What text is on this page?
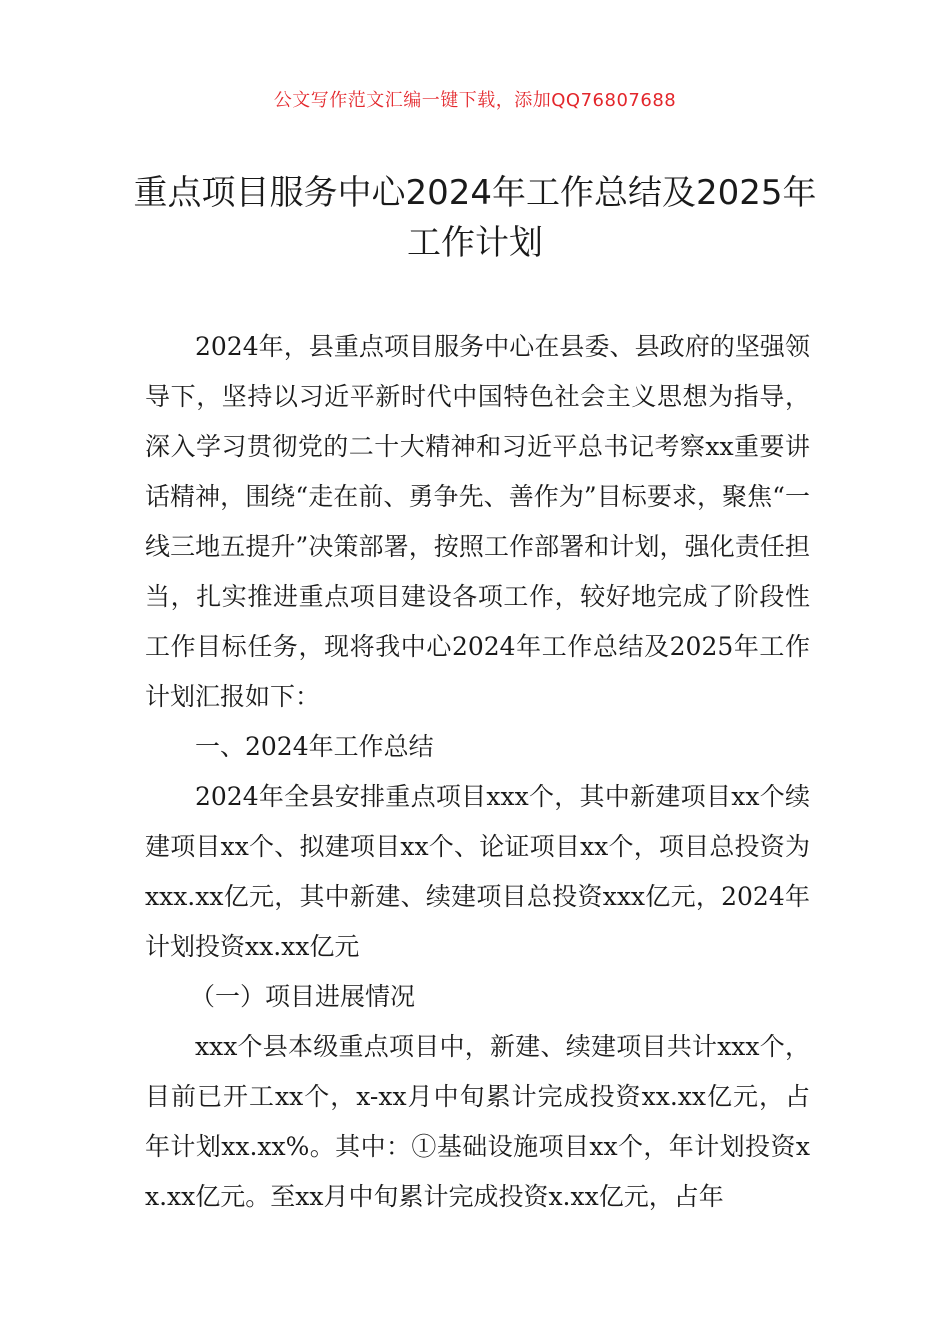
公文写作范文汇编一键下载，添加QQ76807688
重点项目服务中心2024年工作总结及2025年工作计划

2024年，县重点项目服务中心在县委、县政府的坚强领导下，坚持以习近平新时代中国特色社会主义思想为指导，深入学习贯彻党的二十大精神和习近平总书记考察xx重要讲话精神，围绕“走在前、勇争先、善作为”目标要求，聚焦“一线三地五提升”决策部署，按照工作部署和计划，强化责任担当，扎实推进重点项目建设各项工作，较好地完成了阶段性工作目标任务，现将我中心2024年工作总结及2025年工作计划汇报如下：

一、2024年工作总结

2024年全县安排重点项目xxx个，其中新建项目xx个续建项目xx个、拟建项目xx个、论证项目xx个，项目总投资为xxx.xx亿元，其中新建、续建项目总投资xxx亿元，2024年计划投资xx.xx亿元

（一）项目进展情况

xxx个县本级重点项目中，新建、续建项目共计xxx个，目前已开工xx个，x-xx月中旬累计完成投资xx.xx亿元，占年计划xx.xx%。其中：①基础设施项目xx个，年计划投资xx.xx亿元。至xx月中旬累计完成投资x.xx亿元，占年
